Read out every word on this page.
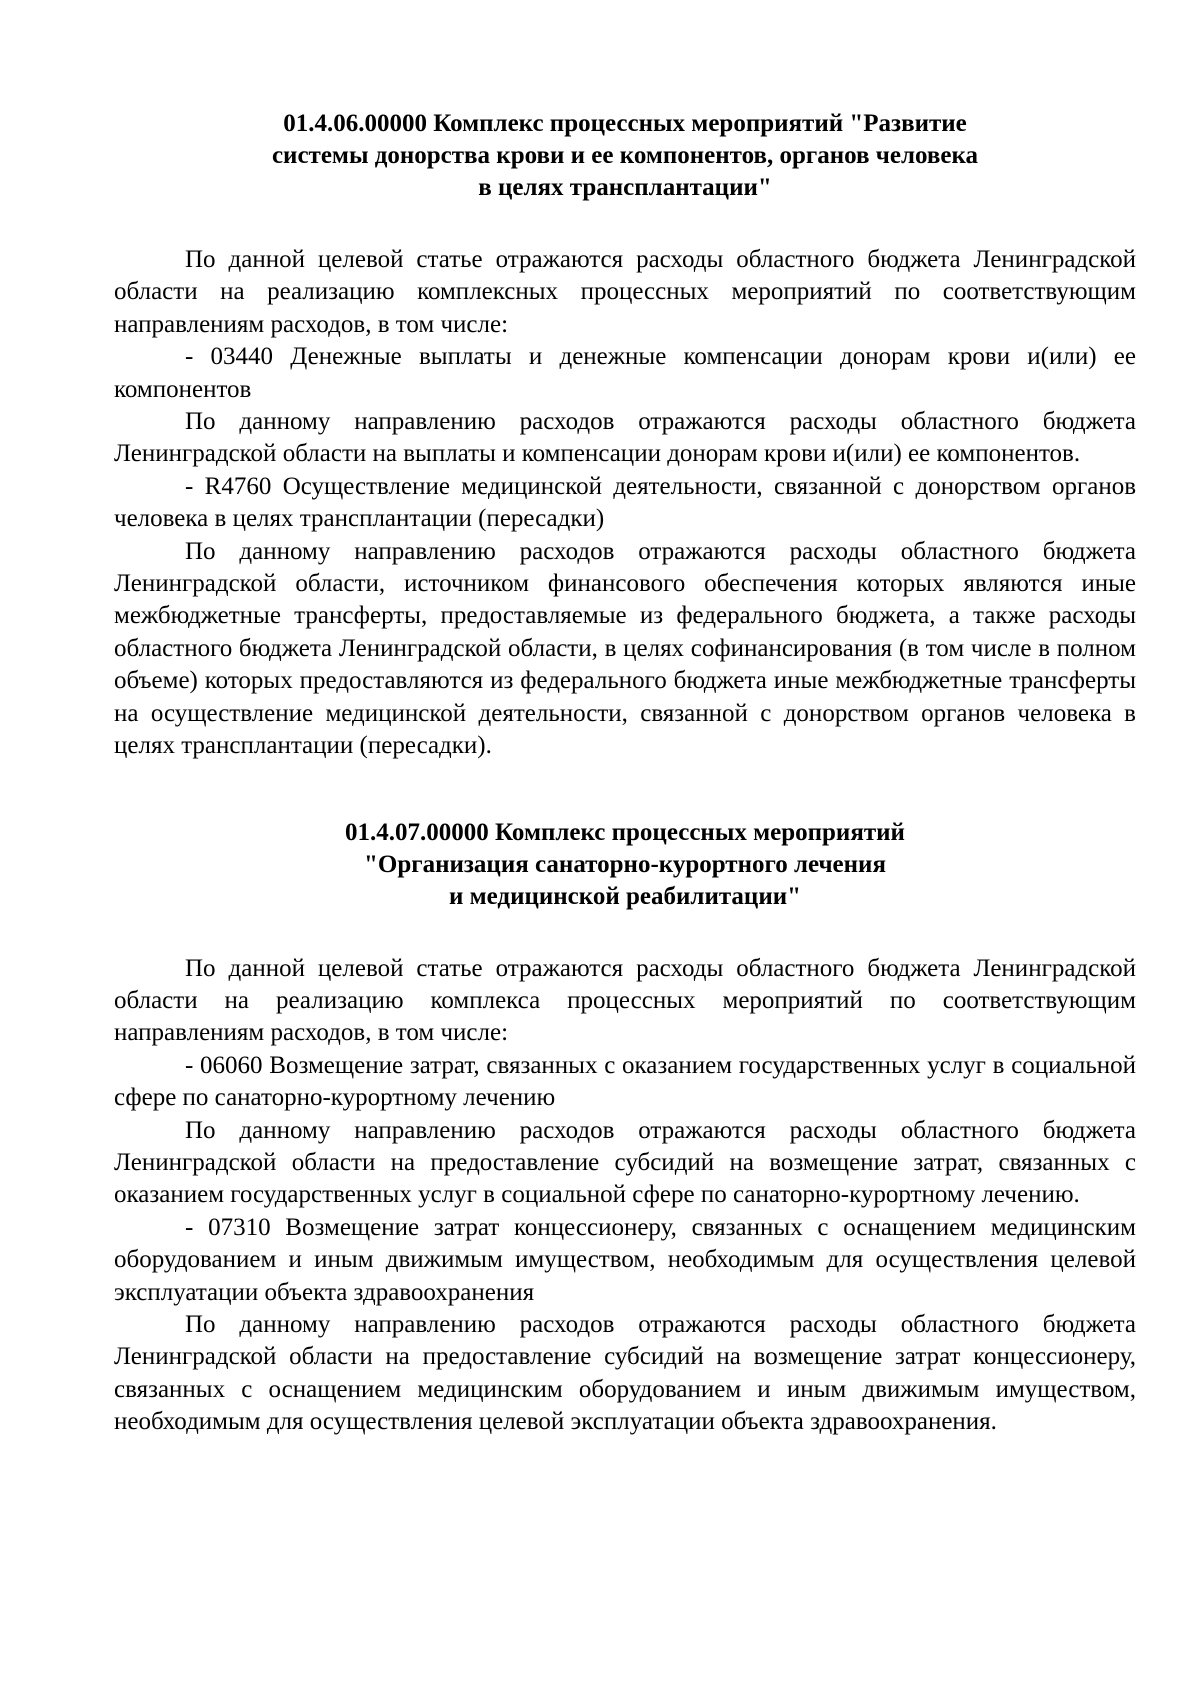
01.4.06.00000 Комплекс процессных мероприятий "Развитие
системы донорства крови и ее компонентов, органов человека
в целях трансплантации"

По данной целевой статье отражаются расходы областного бюджета Ленинградской области на реализацию комплексных процессных мероприятий по соответствующим направлениям расходов, в том числе:

- 03440 Денежные выплаты и денежные компенсации донорам крови и(или) ее компонентов

По данному направлению расходов отражаются расходы областного бюджета Ленинградской области на выплаты и компенсации донорам крови и(или) ее компонентов.

- R4760 Осуществление медицинской деятельности, связанной с донорством органов человека в целях трансплантации (пересадки)

По данному направлению расходов отражаются расходы областного бюджета Ленинградской области, источником финансового обеспечения которых являются иные межбюджетные трансферты, предоставляемые из федерального бюджета, а также расходы областного бюджета Ленинградской области, в целях софинансирования (в том числе в полном объеме) которых предоставляются из федерального бюджета иные межбюджетные трансферты на осуществление медицинской деятельности, связанной с донорством органов человека в целях трансплантации (пересадки).

01.4.07.00000 Комплекс процессных мероприятий
"Организация санаторно-курортного лечения
и медицинской реабилитации"

По данной целевой статье отражаются расходы областного бюджета Ленинградской области на реализацию комплекса процессных мероприятий по соответствующим направлениям расходов, в том числе:

- 06060 Возмещение затрат, связанных с оказанием государственных услуг в социальной сфере по санаторно-курортному лечению

По данному направлению расходов отражаются расходы областного бюджета Ленинградской области на предоставление субсидий на возмещение затрат, связанных с оказанием государственных услуг в социальной сфере по санаторно-курортному лечению.

- 07310 Возмещение затрат концессионеру, связанных с оснащением медицинским оборудованием и иным движимым имуществом, необходимым для осуществления целевой эксплуатации объекта здравоохранения

По данному направлению расходов отражаются расходы областного бюджета Ленинградской области на предоставление субсидий на возмещение затрат концессионеру, связанных с оснащением медицинским оборудованием и иным движимым имуществом, необходимым для осуществления целевой эксплуатации объекта здравоохранения.
